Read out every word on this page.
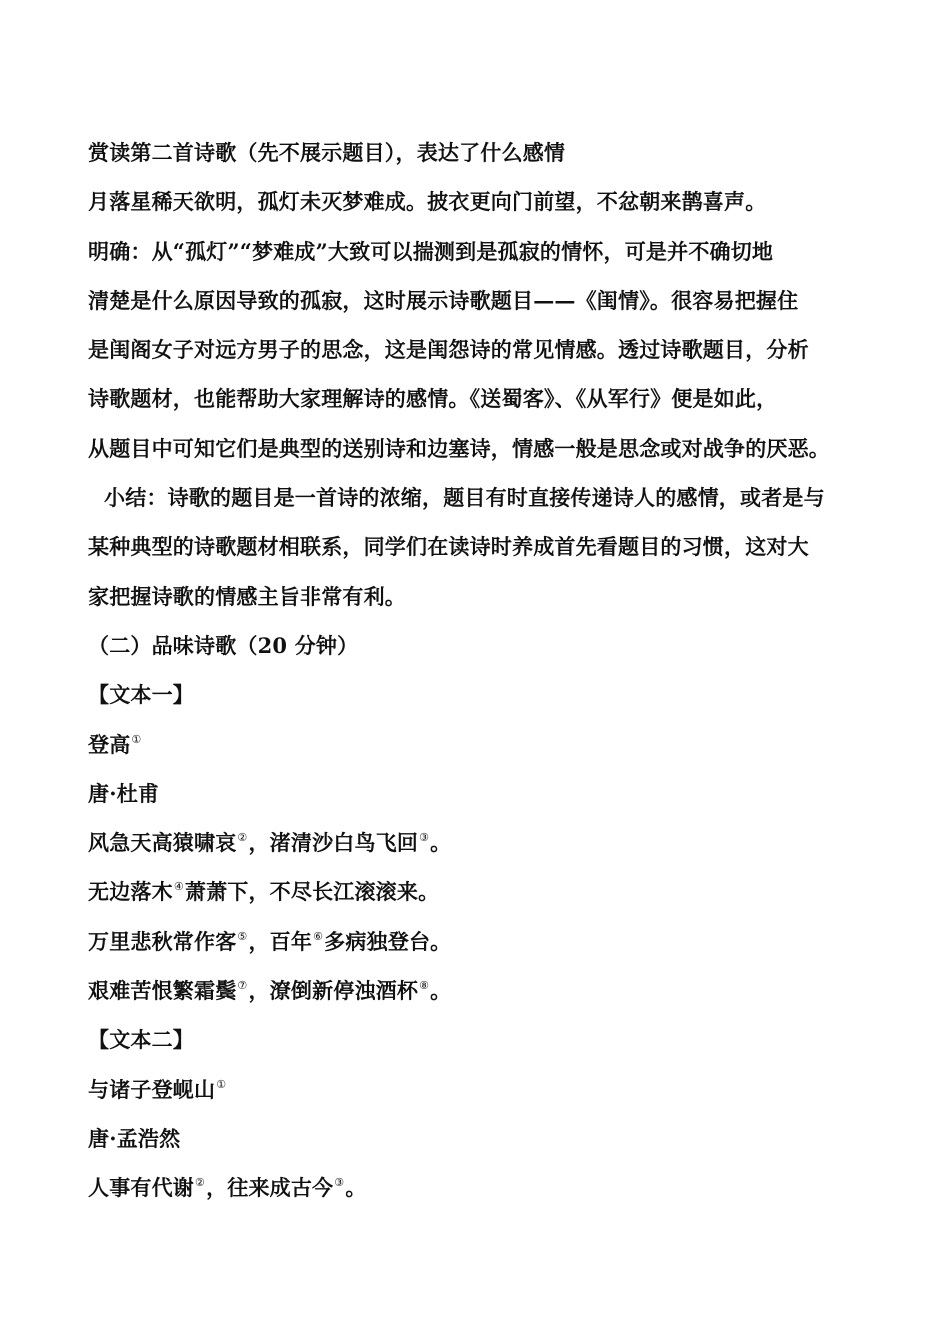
赏读第二首诗歌（先不展示题目），表达了什么感情
月落星稀天欲明，孤灯未灭梦难成。披衣更向门前望，不忿朝来鹊喜声。
明确：从“孤灯”“梦难成”大致可以揣测到是孤寂的情怀，可是并不确切地
清楚是什么原因导致的孤寂，这时展示诗歌题目——《闺情》。很容易把握住
是闺阁女子对远方男子的思念，这是闺怨诗的常见情感。透过诗歌题目，分析
诗歌题材，也能帮助大家理解诗的感情。《送蜀客》、《从军行》便是如此，
从题目中可知它们是典型的送别诗和边塞诗，情感一般是思念或对战争的厌恶。
小结：诗歌的题目是一首诗的浓缩，题目有时直接传递诗人的感情，或者是与
某种典型的诗歌题材相联系，同学们在读诗时养成首先看题目的习惯，这对大
家把握诗歌的情感主旨非常有利。
（二）品味诗歌（20 分钟）
【文本一】
登高①
唐·杜甫
风急天高猿啸哀②，渚清沙白鸟飞回③。
无边落木④萧萧下，不尽长江滚滚来。
万里悲秋常作客⑤，百年⑥多病独登台。
艰难苦恨繁霜鬓⑦，潦倒新停浊酒杯⑧。
【文本二】
与诸子登岘山①
唐·孟浩然
人事有代谢②，往来成古今③。
